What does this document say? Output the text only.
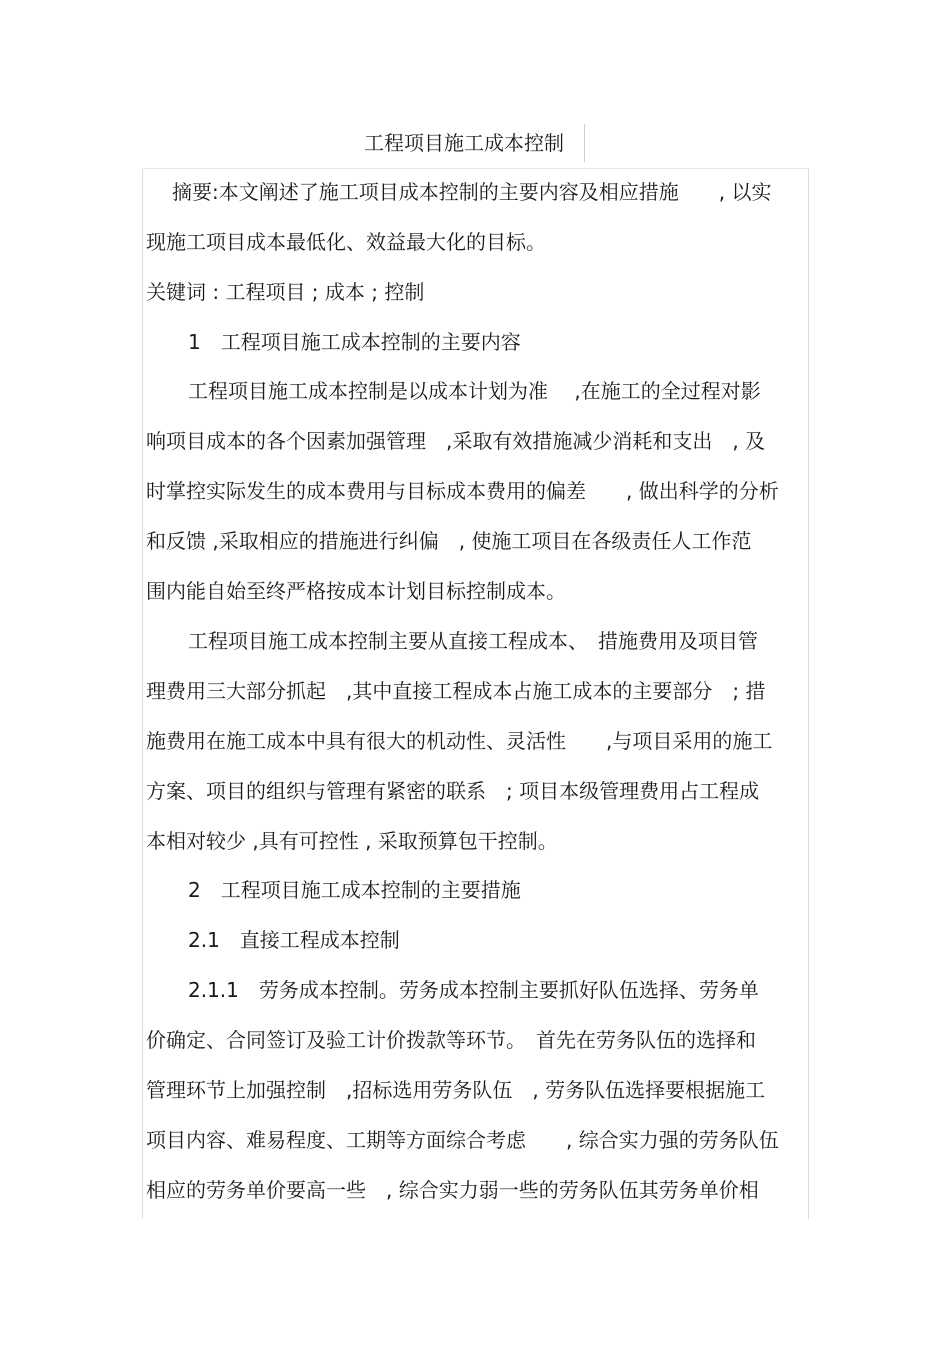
工程项目施工成本控制
摘要:本文阐述了施工项目成本控制的主要内容及相应措施　　, 以实
现施工项目成本最低化、效益最大化的目标。
关键词 : 工程项目 ; 成本 ; 控制
1　工程项目施工成本控制的主要内容
工程项目施工成本控制是以成本计划为准　 ,在施工的全过程对影
响项目成本的各个因素加强管理　,采取有效措施减少消耗和支出　, 及
时掌控实际发生的成本费用与目标成本费用的偏差　　, 做出科学的分析
和反馈 ,采取相应的措施进行纠偏　, 使施工项目在各级责任人工作范
围内能自始至终严格按成本计划目标控制成本。
工程项目施工成本控制主要从直接工程成本、　措施费用及项目管
理费用三大部分抓起　,其中直接工程成本占施工成本的主要部分　; 措
施费用在施工成本中具有很大的机动性、灵活性　　,与项目采用的施工
方案、项目的组织与管理有紧密的联系　; 项目本级管理费用占工程成
本相对较少 ,具有可控性 , 采取预算包干控制。
2　工程项目施工成本控制的主要措施
2.1　直接工程成本控制
2.1.1　劳务成本控制。劳务成本控制主要抓好队伍选择、劳务单
价确定、合同签订及验工计价拨款等环节。　首先在劳务队伍的选择和
管理环节上加强控制　,招标选用劳务队伍　, 劳务队伍选择要根据施工
项目内容、难易程度、工期等方面综合考虑　　, 综合实力强的劳务队伍
相应的劳务单价要高一些　, 综合实力弱一些的劳务队伍其劳务单价相
